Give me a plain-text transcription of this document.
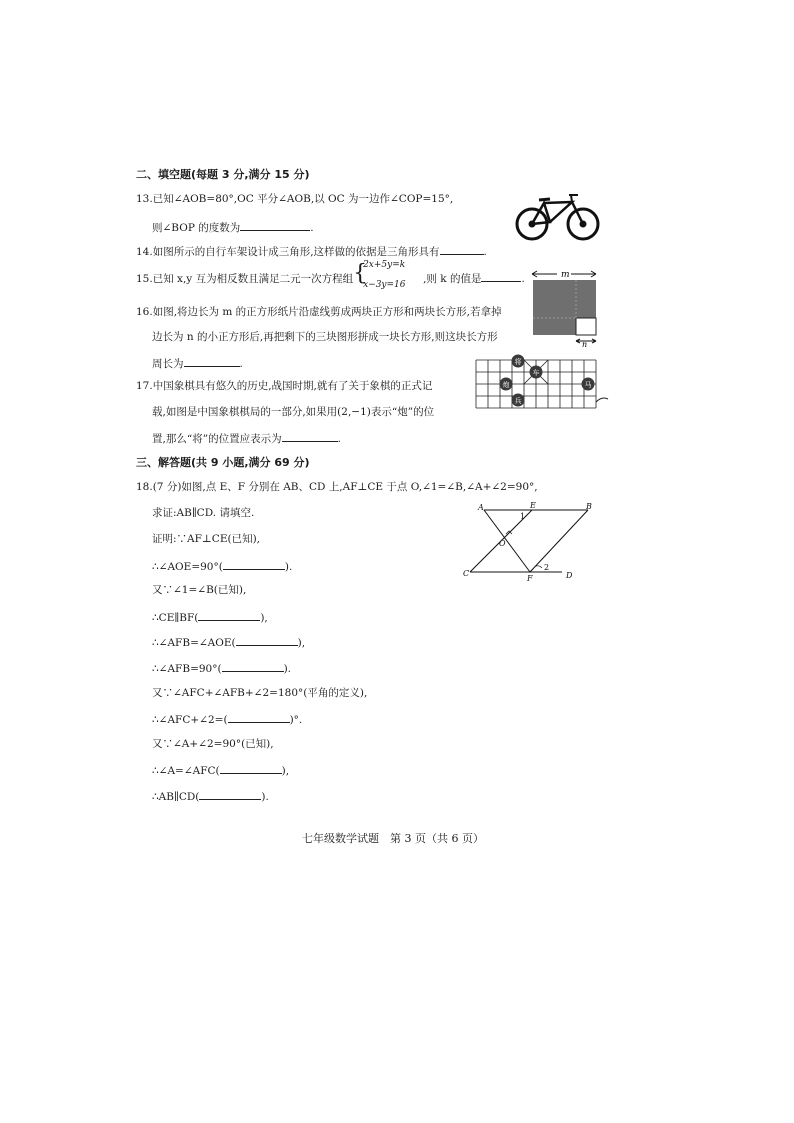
二、填空题(每题 3 分,满分 15 分)
13.已知∠AOB=80°,OC 平分∠AOB,以 OC 为一边作∠COP=15°,
则∠BOP 的度数为	.
14.如图所示的自行车架设计成三角形,这样做的依据是三角形具有	.
15.已知 x,y 互为相反数且满足二元一次方程组 {
2x+5y=k
x−3y=16 ,则 k 的值是	.	m
n
16.如图,将边长为 m 的正方形纸片沿虚线剪成两块正方形和两块长方形,若拿掉
边长为 n 的小正方形后,再把剩下的三块图形拼成一块长方形,则这块长方形
周长为	.	将
车
炮
兵
马
17.中国象棋具有悠久的历史,战国时期,就有了关于象棋的正式记
载,如图是中国象棋棋局的一部分,如果用(2,−1)表示“炮”的位
置,那么“将”的位置应表示为	.
三、解答题(共 9 小题,满分 69 分)
18.(7 分)如图,点 E、F 分别在 AB、CD 上,AF⊥CE 于点 O,∠1=∠B,∠A+∠2=90°,
求证:AB∥CD. 请填空.	A	E	B
O
1
C
F	D
2
证明:∵AF⊥CE(已知),
∴∠AOE=90°(	).
又∵∠1=∠B(已知),
∴CE∥BF(	),
∴∠AFB=∠AOE(	),
∴∠AFB=90°(	).
又∵∠AFC+∠AFB+∠2=180°(平角的定义),
∴∠AFC+∠2=(	)°.
又∵∠A+∠2=90°(已知),
∴∠A=∠AFC(	),
∴AB∥CD(	).
七年级数学试题　第 3 页（共 6 页）
